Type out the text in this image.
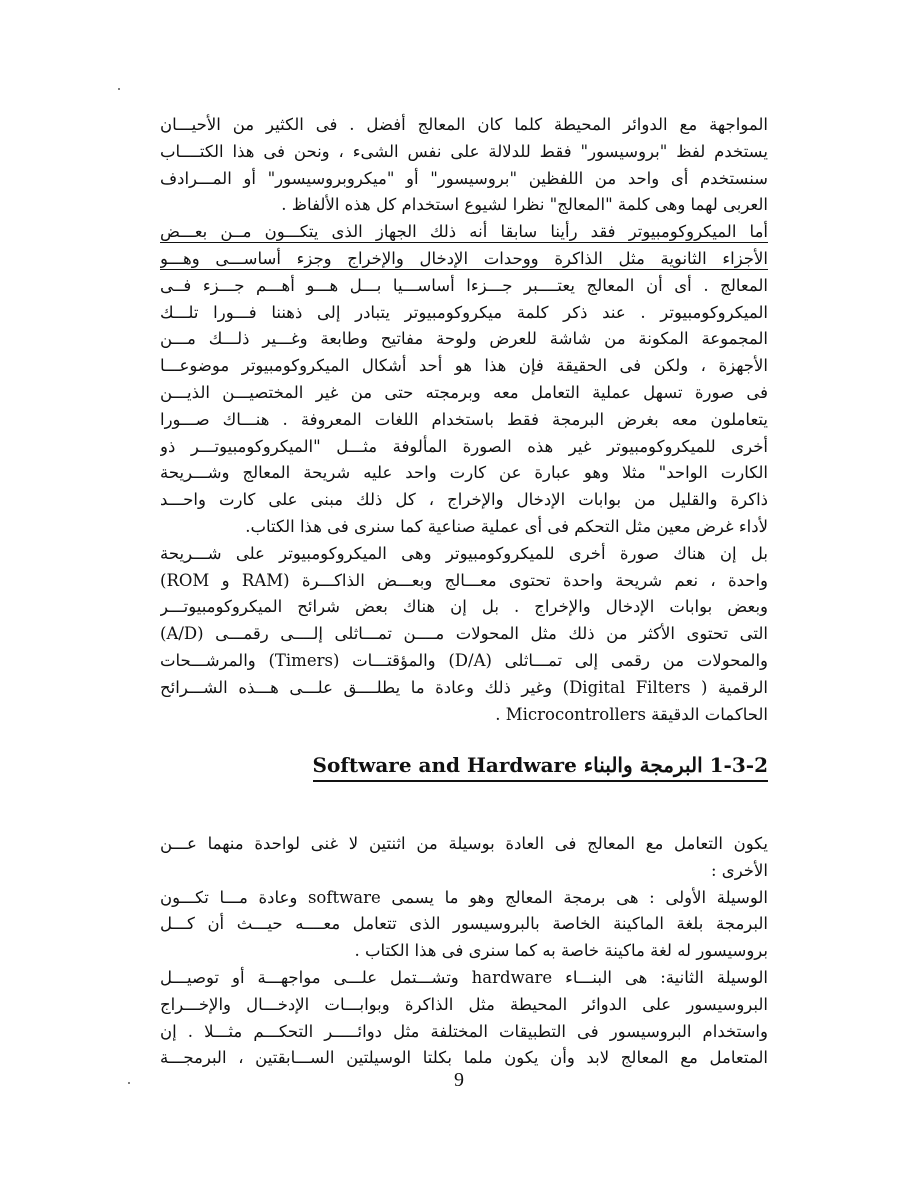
المواجهة مع الدوائر المحيطة كلما كان المعالج أفضل . فى الكثير من الأحيـــان
يستخدم لفظ "بروسيسور" فقط للدلالة على نفس الشىء ، ونحن فى هذا الكتــــاب
سنستخدم أى واحد من اللفظين "بروسيسور" أو "ميكروبروسيسور" أو المـــرادف
العربى لهما وهى كلمة "المعالج" نظرا لشيوع استخدام كل هذه الألفاظ .
أما الميكروكومبيوتر فقد رأينا سابقا أنه ذلك الجهاز الذى يتكـــون مــن بعـــض
الأجزاء الثانوية مثل الذاكرة ووحدات الإدخال والإخراج وجزء أساســـى وهـــو
المعالج . أى أن المعالج يعتــــبر جـــزءا أساســـيا بـــل هـــو أهـــم جـــزء فــى
الميكروكومبيوتر . عند ذكر كلمة ميكروكومبيوتر يتبادر إلى ذهننا فـــورا تلـــك
المجموعة المكونة من شاشة للعرض ولوحة مفاتيح وطابعة وغـــير ذلـــك مـــن
الأجهزة ، ولكن فى الحقيقة فإن هذا هو أحد أشكال الميكروكومبيوتر موضوعـــا
فى صورة تسهل عملية التعامل معه وبرمجته حتى من غير المختصيـــن الذيـــن
يتعاملون معه بغرض البرمجة فقط باستخدام اللغات المعروفة . هنـــاك صـــورا
أخرى للميكروكومبيوتر غير هذه الصورة المألوفة مثـــل "الميكروكومبيوتـــر ذو
الكارت الواحد" مثلا وهو عبارة عن كارت واحد عليه شريحة المعالج وشـــريحة
ذاكرة والقليل من بوابات الإدخال والإخراج ، كل ذلك مبنى على كارت واحـــد
لأداء غرض معين مثل التحكم فى أى عملية صناعية كما سنرى فى هذا الكتاب.
بل إن هناك صورة أخرى للميكروكومبيوتر وهى الميكروكومبيوتر على شـــريحة
واحدة ، نعم شريحة واحدة تحتوى معـــالج وبعـــض الذاكـــرة (RAM و ROM)
وبعض بوابات الإدخال والإخراج . بل إن هناك بعض شرائح الميكروكومبيوتـــر
التى تحتوى الأكثر من ذلك مثل المحولات مــــن تمـــاثلى إلــــى رقمـــى (A/D)
والمحولات من رقمى إلى تمـــاثلى (D/A) والمؤقتـــات (Timers) والمرشـــحات
الرقمية ( Digital Filters) وغير ذلك وعادة ما يطلــــق علـــى هـــذه الشـــرائح
الحاكمات الدقيقة Microcontrollers .
1-3-2 البرمجة والبناء Software and Hardware
يكون التعامل مع المعالج فى العادة بوسيلة من اثنتين لا غنى لواحدة منهما عـــن
الأخرى :
الوسيلة الأولى : هى برمجة المعالج وهو ما يسمى software وعادة مـــا تكـــون
البرمجة بلغة الماكينة الخاصة بالبروسيسور الذى تتعامل معــــه حيـــث أن كـــل
بروسيسور له لغة ماكينة خاصة به كما سنرى فى هذا الكتاب .
الوسيلة الثانية: هى البنـــاء hardware وتشـــتمل علـــى مواجهـــة أو توصيـــل
البروسيسور على الدوائر المحيطة مثل الذاكرة وبوابـــات الإدخـــال والإخـــراج
واستخدام البروسيسور فى التطبيقات المختلفة مثل دوائـــــر التحكـــم مثـــلا . إن
المتعامل مع المعالج لابد وأن يكون ملما بكلتا الوسيلتين الســـابقتين ، البرمجـــة
9
